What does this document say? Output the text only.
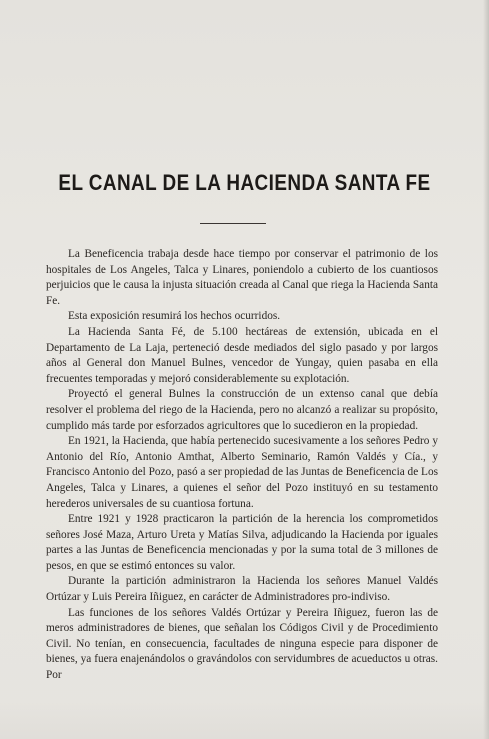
EL CANAL DE LA HACIENDA SANTA FE

La Beneficencia trabaja desde hace tiempo por conservar el patrimonio de los hospitales de Los Angeles, Talca y Linares, poniendolo a cubierto de los cuantiosos perjuicios que le causa la injusta situación creada al Canal que riega la Hacienda Santa Fe.

Esta exposición resumirá los hechos ocurridos.

La Hacienda Santa Fé, de 5.100 hectáreas de extensión, ubicada en el Departamento de La Laja, perteneció desde mediados del siglo pasado y por largos años al General don Manuel Bulnes, vencedor de Yungay, quien pasaba en ella frecuentes temporadas y mejoró considerablemente su explotación.

Proyectó el general Bulnes la construcción de un extenso canal que debía resolver el problema del riego de la Hacienda, pero no alcanzó a realizar su propósito, cumplido más tarde por esforzados agricultores que lo sucedieron en la propiedad.

En 1921, la Hacienda, que había pertenecido sucesivamente a los señores Pedro y Antonio del Río, Antonio Amthat, Alberto Seminario, Ramón Valdés y Cía., y Francisco Antonio del Pozo, pasó a ser propiedad de las Juntas de Beneficencia de Los Angeles, Talca y Linares, a quienes el señor del Pozo instituyó en su testamento herederos universales de su cuantiosa fortuna.

Entre 1921 y 1928 practicaron la partición de la herencia los comprometidos señores José Maza, Arturo Ureta y Matías Silva, adjudicando la Hacienda por iguales partes a las Juntas de Beneficencia mencionadas y por la suma total de 3 millones de pesos, en que se estimó entonces su valor.

Durante la partición administraron la Hacienda los señores Manuel Valdés Ortúzar y Luis Pereira Iñiguez, en carácter de Administradores pro-indiviso.

Las funciones de los señores Valdés Ortúzar y Pereira Iñiguez, fueron las de meros administradores de bienes, que señalan los Códigos Civil y de Procedimiento Civil. No tenían, en consecuencia, facultades de ninguna especie para disponer de bienes, ya fuera enajenándolos o gravándolos con servidumbres de acueductos u otras. Por
